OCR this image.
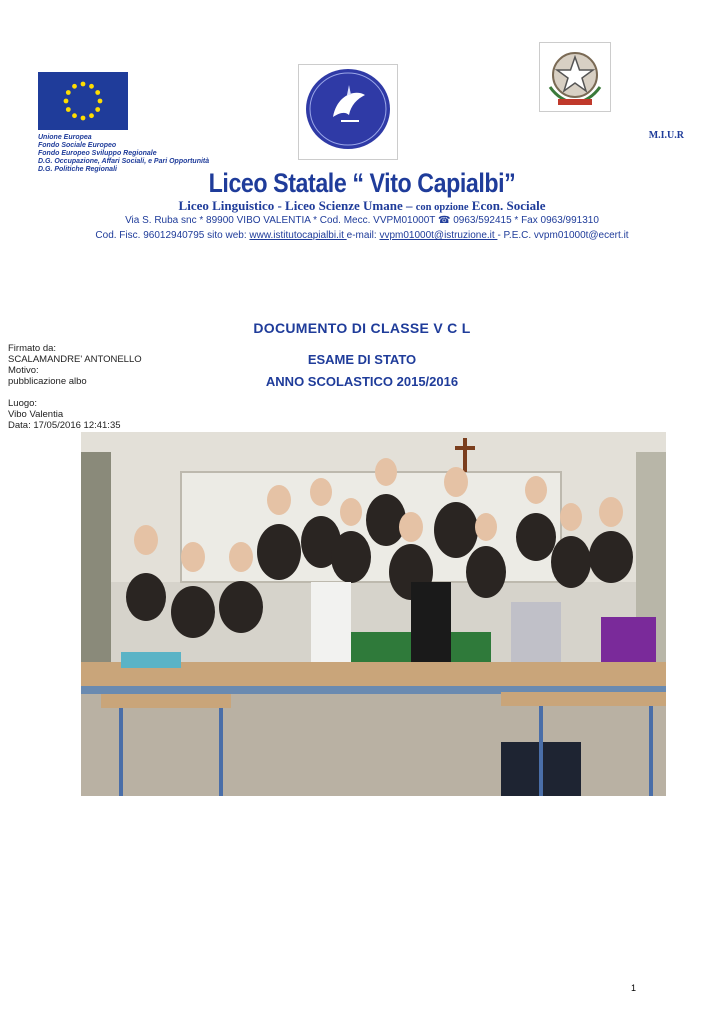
Unione Europea
Fondo Sociale Europeo
Fondo Europeo Sviluppo Regionale
D.G. Occupazione, Affari Sociali, e Pari Opportunità
D.G. Politiche Regionali
M.I.U.R
Liceo Statale “ Vito Capialbi”
Liceo Linguistico - Liceo Scienze Umane – con opzione Econ. Sociale
Via S. Ruba snc * 89900 VIBO VALENTIA * Cod. Mecc. VVPM01000T ☎ 0963/592415 * Fax 0963/991310
Cod. Fisc. 96012940795 sito web: www.istitutocapialbi.it e-mail: vvpm01000t@istruzione.it - P.E.C. vvpm01000t@ecert.it
DOCUMENTO DI CLASSE V C L
ESAME DI STATO
ANNO SCOLASTICO 2015/2016
Firmato da:
SCALAMANDRE' ANTONELLO
Motivo:
pubblicazione albo
Luogo:
Vibo Valentia
Data: 17/05/2016 12:41:35
1
